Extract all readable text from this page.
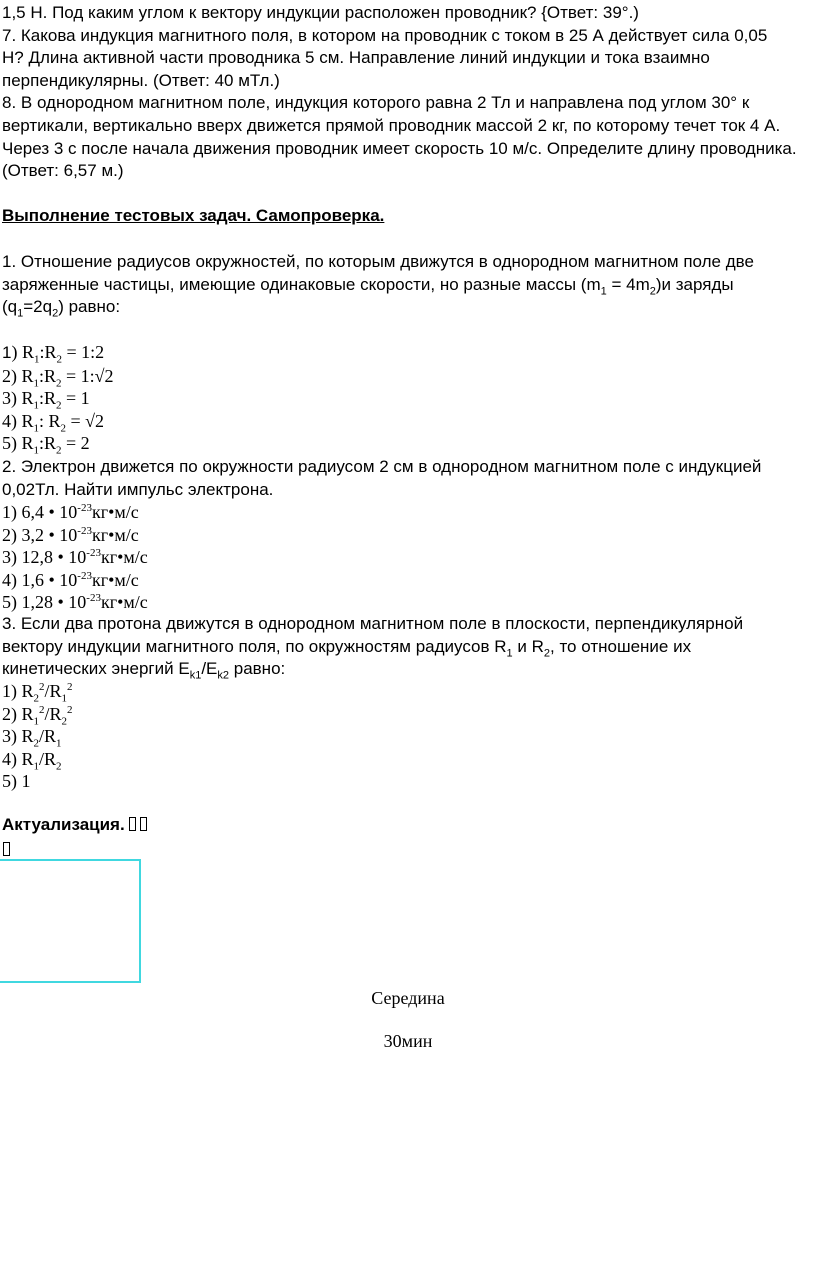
1,5 Н. Под каким углом к вектору индукции расположен проводник? {Ответ: 39°.)
7. Какова индукция магнитного поля, в котором на проводник с током в 25 А действует сила 0,05
Н? Длина активной части проводника 5 см. Направление линий индукции и тока взаимно
перпендикулярны. (Ответ: 40 мТл.)
8. В однородном магнитном поле, индукция которого равна 2 Тл и направлена под углом 30° к
вертикали, вертикально вверх движется прямой проводник массой 2 кг, по которому течет ток 4 А.
Через 3 с после начала движения проводник имеет скорость 10 м/с. Определите длину проводника.
(Ответ: 6,57 м.)
Выполнение тестовых задач. Самопроверка.
1. Отношение радиусов окружностей, по которым движутся в однородном магнитном поле две
заряженные частицы, имеющие одинаковые скорости, но разные массы $(m_1 = 4m_2)и$ заряды
$(q_1=2q_2)$ равно:
1) $R_1:R_2$ = 1:2
2) $R_1:R_2$ = 1:√2
3) $R_1:R_2 = 1$
4) $R_1$: $R_2 = √2$
5) $R_1:R_2 = 2$
2. Электрон движется по окружности радиусом 2 см в однородном магнитном поле с индукцией
0,02Тл. Найти импульс электрона.
1) 6,4 • $10^{-23}кг•м/с$
2) 3,2 • $10^{-23}кг•м/с$
3) 12,8 • $10^{-23}кг•м/с$
4) 1,6 • $10^{-23}кг•м/с$
5) 1,28 • $10^{-23}кг•м/с$
3. Если два протона движутся в однородном магнитном поле в плоскости, перпендикулярной
вектору индукции магнитного поля, по окружностям радиусов $R_1$ и $R_2$, то отношение их
кинетических энергий $E_{k1}/E_{k2}$ равно:
1) $R_2^2/R_1^2$
2) $R_1^2/R_2^2$
3) $R_2/R_1$
4) $R_1/R_2$
5) 1
Актуализация.
Середина
30мин
